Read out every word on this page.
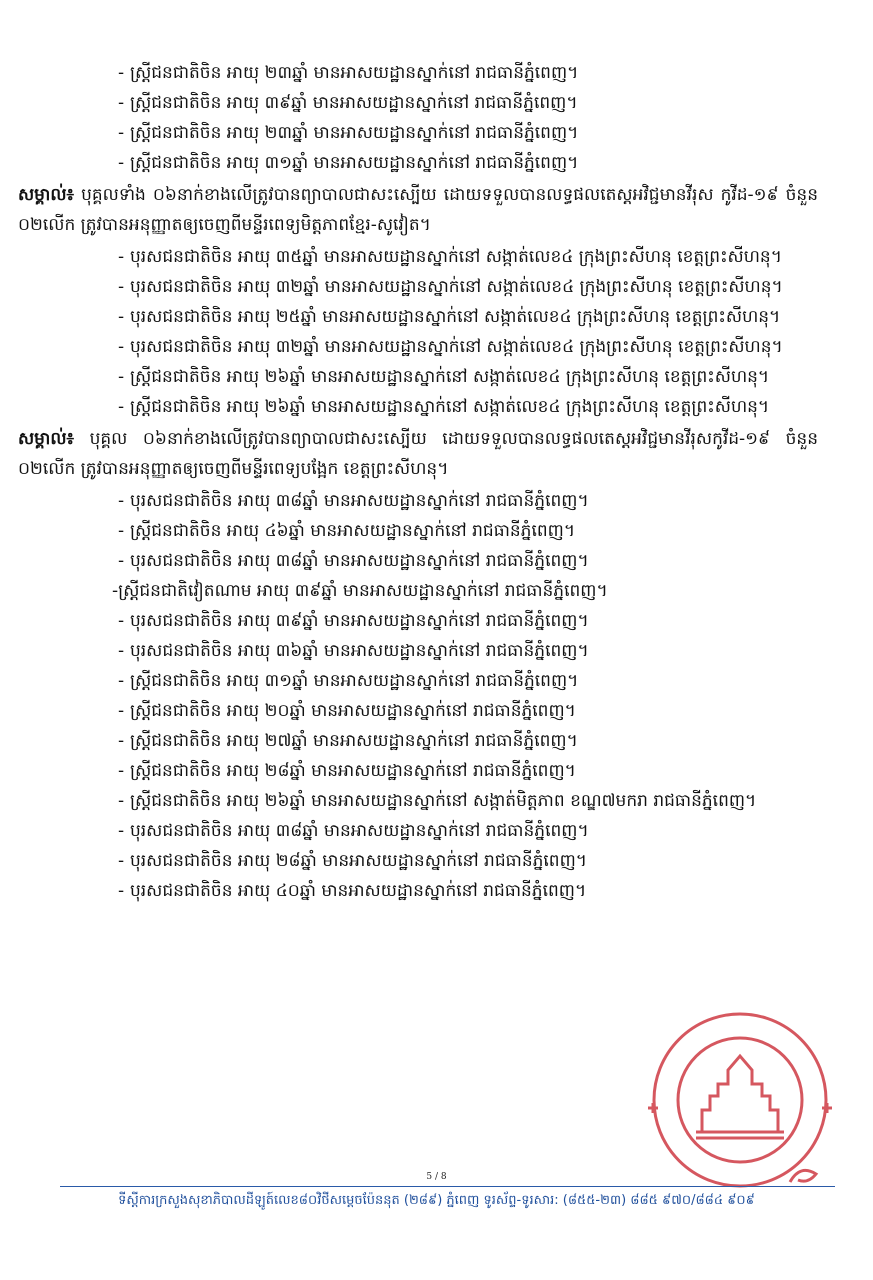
- ស្ត្រីជនជាតិចិន អាយុ ២៣ឆ្នាំ មានអាសយដ្ឋានស្នាក់នៅ រាជធានីភ្នំពេញ។
- ស្ត្រីជនជាតិចិន អាយុ ៣៩ឆ្នាំ មានអាសយដ្ឋានស្នាក់នៅ រាជធានីភ្នំពេញ។
- ស្ត្រីជនជាតិចិន អាយុ ២៣ឆ្នាំ មានអាសយដ្ឋានស្នាក់នៅ រាជធានីភ្នំពេញ។
- ស្ត្រីជនជាតិចិន អាយុ ៣១ឆ្នាំ មានអាសយដ្ឋានស្នាក់នៅ រាជធានីភ្នំពេញ។
សម្គាល់៖ បុគ្គលទាំង ០៦នាក់ខាងលើត្រូវបានព្យាបាលជាសះស្បើយ ដោយទទួលបានលទ្ធផលតេស្តអវិជ្ជមានវីរុស កូវីដ-១៩ ចំនួន ០២លើក ត្រូវបានអនុញ្ញាតឲ្យចេញពីមន្ទីរពេទ្យមិត្តភាពខ្មែរ-សូវៀត។
- បុរសជនជាតិចិន អាយុ ៣៥ឆ្នាំ មានអាសយដ្ឋានស្នាក់នៅ សង្កាត់លេខ៤ ក្រុងព្រះសីហនុ ខេត្តព្រះសីហនុ។
- បុរសជនជាតិចិន អាយុ ៣២ឆ្នាំ មានអាសយដ្ឋានស្នាក់នៅ សង្កាត់លេខ៤ ក្រុងព្រះសីហនុ ខេត្តព្រះសីហនុ។
- បុរសជនជាតិចិន អាយុ ២៥ឆ្នាំ មានអាសយដ្ឋានស្នាក់នៅ សង្កាត់លេខ៤ ក្រុងព្រះសីហនុ ខេត្តព្រះសីហនុ។
- បុរសជនជាតិចិន អាយុ ៣២ឆ្នាំ មានអាសយដ្ឋានស្នាក់នៅ សង្កាត់លេខ៤ ក្រុងព្រះសីហនុ ខេត្តព្រះសីហនុ។
- ស្ត្រីជនជាតិចិន អាយុ ២៦ឆ្នាំ មានអាសយដ្ឋានស្នាក់នៅ សង្កាត់លេខ៤ ក្រុងព្រះសីហនុ ខេត្តព្រះសីហនុ។
- ស្ត្រីជនជាតិចិន អាយុ ២៦ឆ្នាំ មានអាសយដ្ឋានស្នាក់នៅ សង្កាត់លេខ៤ ក្រុងព្រះសីហនុ ខេត្តព្រះសីហនុ។
សម្គាល់៖ បុគ្គល ០៦នាក់ខាងលើត្រូវបានព្យាបាលជាសះស្បើយ ដោយទទួលបានលទ្ធផលតេស្តអវិជ្ជមានវីរុសកូវីដ-១៩ ចំនួន ០២លើក ត្រូវបានអនុញ្ញាតឲ្យចេញពីមន្ទីរពេទ្យបង្អែក ខេត្តព្រះសីហនុ។
- បុរសជនជាតិចិន អាយុ ៣៨ឆ្នាំ មានអាសយដ្ឋានស្នាក់នៅ រាជធានីភ្នំពេញ។
- ស្ត្រីជនជាតិចិន អាយុ ៤៦ឆ្នាំ មានអាសយដ្ឋានស្នាក់នៅ រាជធានីភ្នំពេញ។
- បុរសជនជាតិចិន អាយុ ៣៨ឆ្នាំ មានអាសយដ្ឋានស្នាក់នៅ រាជធានីភ្នំពេញ។
-ស្ត្រីជនជាតិវៀតណាម អាយុ ៣៩ឆ្នាំ មានអាសយដ្ឋានស្នាក់នៅ រាជធានីភ្នំពេញ។
- បុរសជនជាតិចិន អាយុ ៣៩ឆ្នាំ មានអាសយដ្ឋានស្នាក់នៅ រាជធានីភ្នំពេញ។
- បុរសជនជាតិចិន អាយុ ៣៦ឆ្នាំ មានអាសយដ្ឋានស្នាក់នៅ រាជធានីភ្នំពេញ។
- ស្ត្រីជនជាតិចិន អាយុ ៣១ឆ្នាំ មានអាសយដ្ឋានស្នាក់នៅ រាជធានីភ្នំពេញ។
- ស្ត្រីជនជាតិចិន អាយុ ២០ឆ្នាំ មានអាសយដ្ឋានស្នាក់នៅ រាជធានីភ្នំពេញ។
- ស្ត្រីជនជាតិចិន អាយុ ២៧ឆ្នាំ មានអាសយដ្ឋានស្នាក់នៅ រាជធានីភ្នំពេញ។
- ស្ត្រីជនជាតិចិន អាយុ ២៨ឆ្នាំ មានអាសយដ្ឋានស្នាក់នៅ រាជធានីភ្នំពេញ។
- ស្ត្រីជនជាតិចិន អាយុ ២៦ឆ្នាំ មានអាសយដ្ឋានស្នាក់នៅ សង្កាត់មិត្តភាព ខណ្ឌ៧មករា រាជធានីភ្នំពេញ។
- បុរសជនជាតិចិន អាយុ ៣៨ឆ្នាំ មានអាសយដ្ឋានស្នាក់នៅ រាជធានីភ្នំពេញ។
- បុរសជនជាតិចិន អាយុ ២៨ឆ្នាំ មានអាសយដ្ឋានស្នាក់នៅ រាជធានីភ្នំពេញ។
- បុរសជនជាតិចិន អាយុ ៤០ឆ្នាំ មានអាសយដ្ឋានស្នាក់នៅ រាជធានីភ្នំពេញ។
5 / 8
ទីស្តីការក្រសួងសុខាភិបាលដីឡូត៍លេខ៨០វិថីសម្តេចប៉ែននុត (២៨៩) ភ្នំពេញ ទូរស័ព្ទ-ទូរសារ: (៨៥៥-២៣) ៨៨៥ ៩៧០/៨៨៤ ៩០៩
